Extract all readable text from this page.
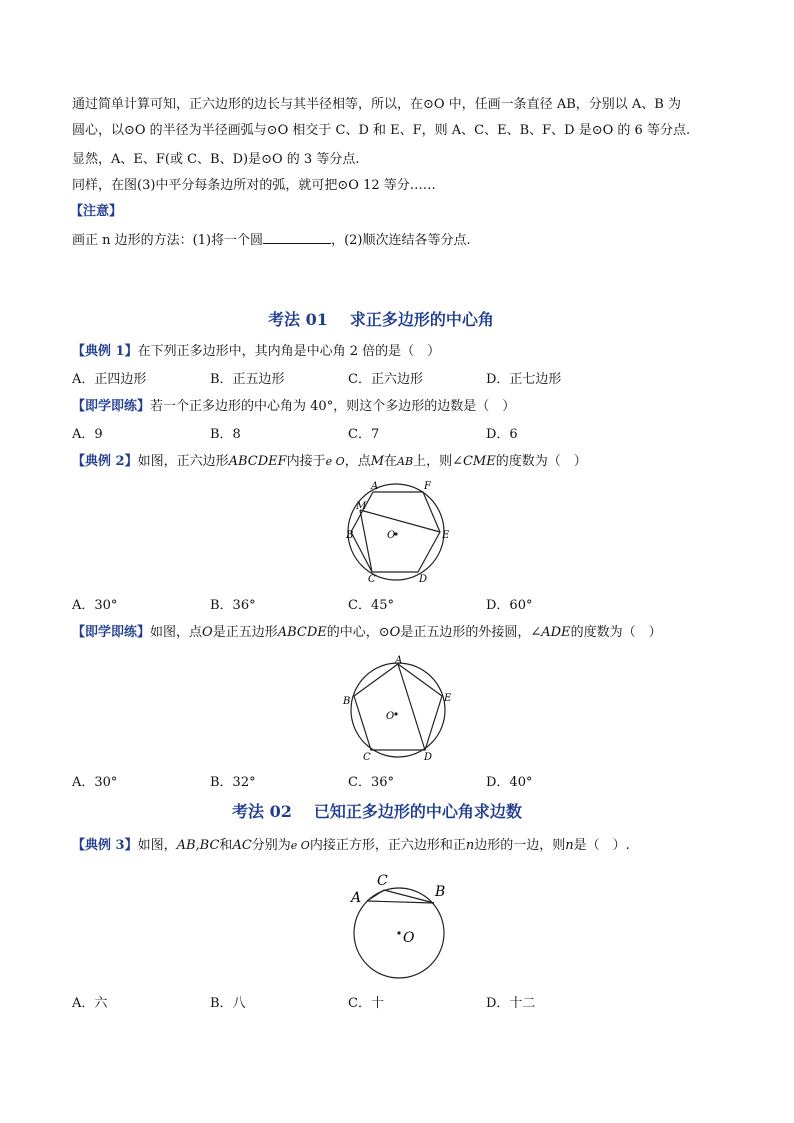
通过简单计算可知，正六边形的边长与其半径相等，所以，在⊙O 中，任画一条直径 AB，分别以 A、B 为
圆心，以⊙O 的半径为半径画弧与⊙O 相交于 C、D 和 E、F，则 A、C、E、B、F、D 是⊙O 的 6 等分点.
显然，A、E、F(或 C、B、D)是⊙O 的 3 等分点.
同样，在图(3)中平分每条边所对的弧，就可把⊙O 12 等分……
【注意】
画正 n 边形的方法：(1)将一个圆	，(2)顺次连结各等分点.
考法 01 求正多边形的中心角
【典例 1】在下列正多边形中，其内角是中心角 2 倍的是（　）
A．正四边形	B．正五边形	C．正六边形	D．正七边形
【即学即练】若一个正多边形的中心角为 40°，则这个多边形的边数是（　）
A．9	B．8	C．7	D．6
【典例 2】如图，正六边形ABCDEF内接于e O，点M在AB上，则∠CME的度数为（　）
A	F
M
B	O	E
C	D
A．30°	B．36°	C．45°	D．60°
【即学即练】如图，点O是正五边形ABCDE的中心，⊙O是正五边形的外接圆，∠ADE的度数为（　）
A
B	E
O
C	D
A．30°	B．32°	C．36°	D．40°
考法 02 已知正多边形的中心角求边数
【典例 3】如图，AB,BC和AC分别为e O内接正方形，正六边形和正n边形的一边，则n是（　）.
C
A	B
O
A．六	B．八	C．十	D．十二
